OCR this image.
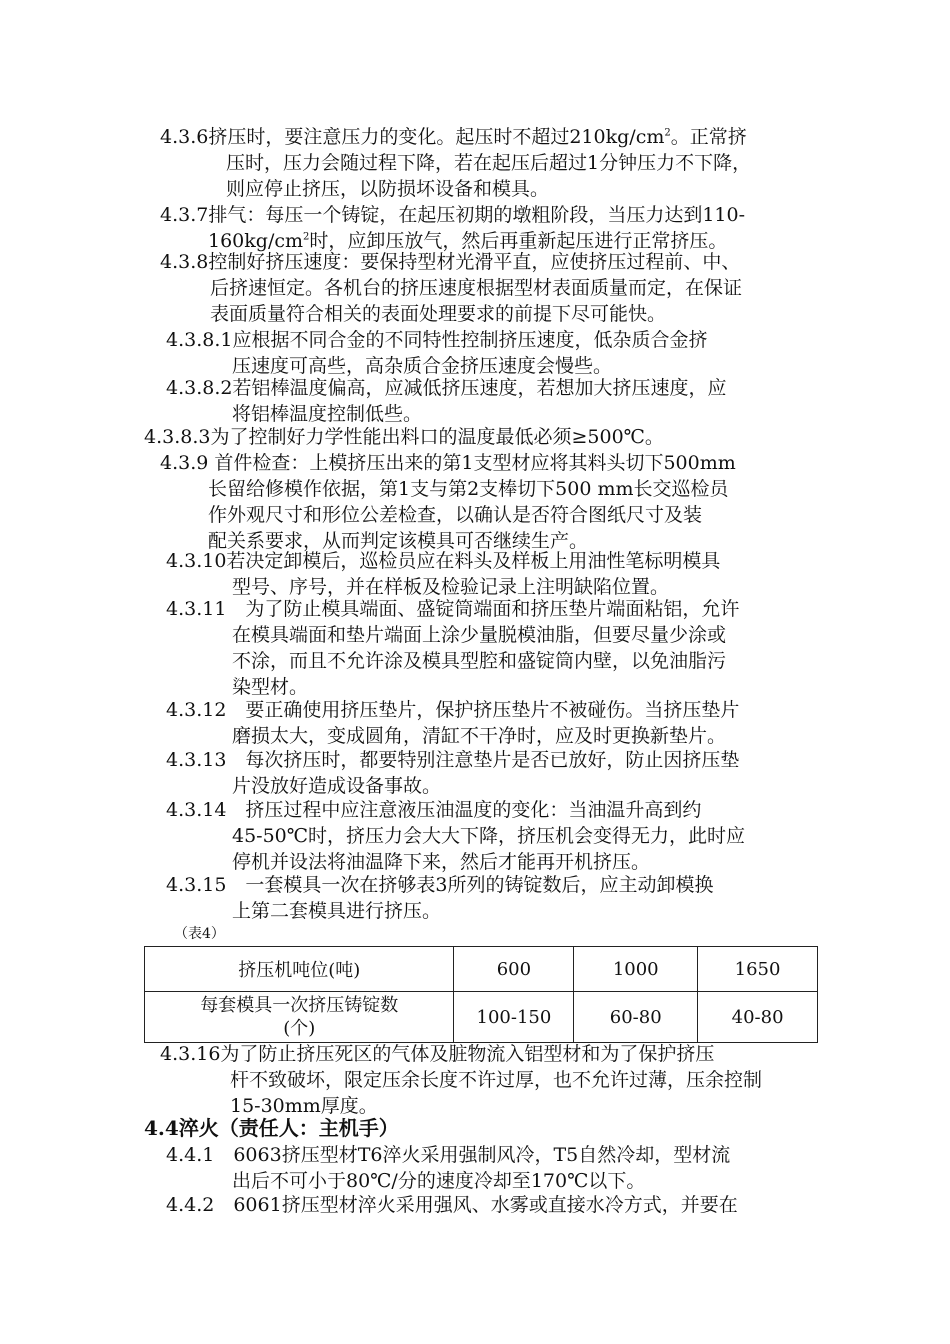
4.3.6挤压时，要注意压力的变化。起压时不超过$210kg/cm^2$。正常挤
压时，压力会随过程下降，若在起压后超过1分钟压力不下降，
则应停止挤压，以防损坏设备和模具。
4.3.7排气：每压一个铸锭，在起压初期的墩粗阶段，当压力达到110-
$160kg/cm^2$时，应卸压放气，然后再重新起压进行正常挤压。
4.3.8控制好挤压速度：要保持型材光滑平直，应使挤压过程前、中、
后挤速恒定。各机台的挤压速度根据型材表面质量而定，在保证
表面质量符合相关的表面处理要求的前提下尽可能快。
4.3.8.1应根据不同合金的不同特性控制挤压速度，低杂质合金挤
压速度可高些，高杂质合金挤压速度会慢些。
4.3.8.2若铝棒温度偏高，应减低挤压速度，若想加大挤压速度，应
将铝棒温度控制低些。
4.3.8.3为了控制好力学性能出料口的温度最低必须≥500℃。
4.3.9 首件检查：上模挤压出来的第1支型材应将其料头切下500mm
长留给修模作依据，第1支与第2支棒切下500 mm长交巡检员
作外观尺寸和形位公差检查，以确认是否符合图纸尺寸及装
配关系要求，从而判定该模具可否继续生产。
4.3.10若决定卸模后，巡检员应在料头及样板上用油性笔标明模具
型号、序号，并在样板及检验记录上注明缺陷位置。
4.3.11　为了防止模具端面、盛锭筒端面和挤压垫片端面粘铝，允许
在模具端面和垫片端面上涂少量脱模油脂，但要尽量少涂或
不涂，而且不允许涂及模具型腔和盛锭筒内壁，以免油脂污
染型材。
4.3.12　要正确使用挤压垫片，保护挤压垫片不被碰伤。当挤压垫片
磨损太大，变成圆角，清缸不干净时，应及时更换新垫片。
4.3.13　每次挤压时，都要特别注意垫片是否已放好，防止因挤压垫
片没放好造成设备事故。
4.3.14　挤压过程中应注意液压油温度的变化：当油温升高到约
45-50℃时，挤压力会大大下降，挤压机会变得无力，此时应
停机并设法将油温降下来，然后才能再开机挤压。
4.3.15　一套模具一次在挤够表3所列的铸锭数后，应主动卸模换
上第二套模具进行挤压。
（表4）
挤压机吨位(吨)	600	1000	1650
每套模具一次挤压铸锭数(个)	100-150	60-80	40-80
4.3.16为了防止挤压死区的气体及脏物流入铝型材和为了保护挤压
杆不致破坏，限定压余长度不许过厚，也不允许过薄，压余控制
15-30mm厚度。
4.4淬火（责任人：主机手）
4.4.1　6063挤压型材T6淬火采用强制风冷，T5自然冷却，型材流
出后不可小于80℃/分的速度冷却至170℃以下。
4.4.2　6061挤压型材淬火采用强风、水雾或直接水冷方式，并要在
